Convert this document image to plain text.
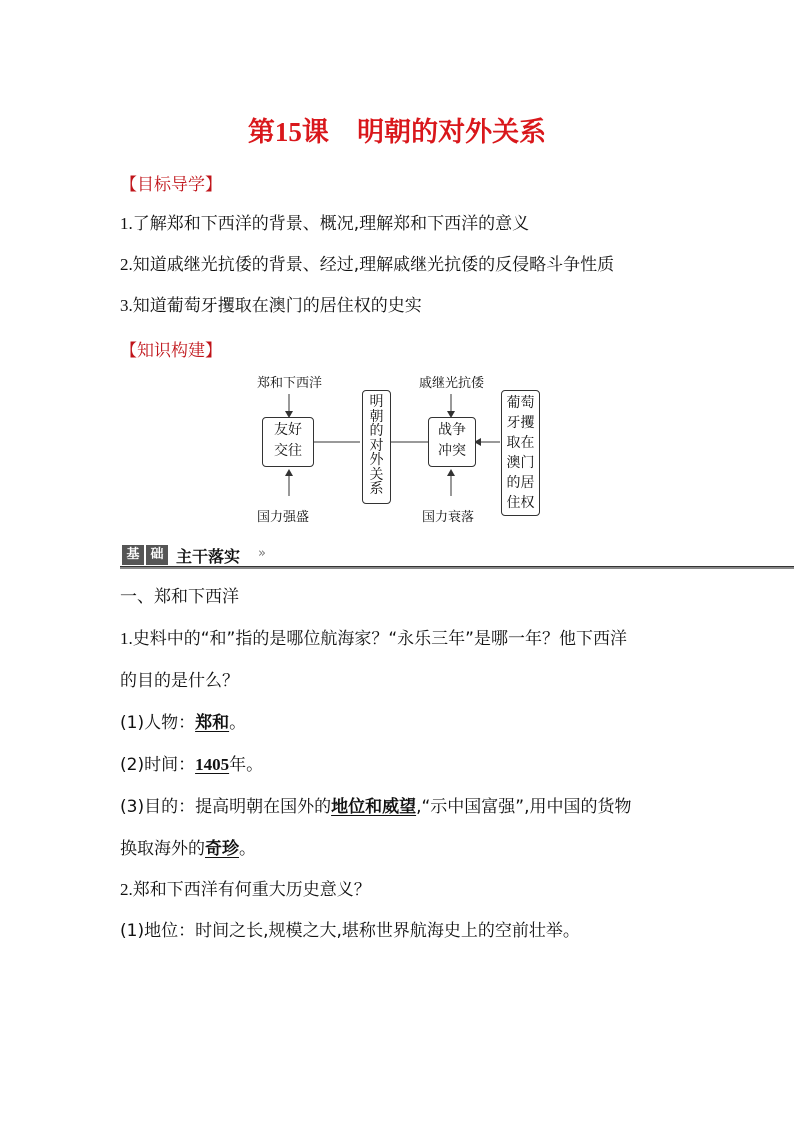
第15课 明朝的对外关系
【目标导学】
1.了解郑和下西洋的背景、概况,理解郑和下西洋的意义
2.知道戚继光抗倭的背景、经过,理解戚继光抗倭的反侵略斗争性质
3.知道葡萄牙攫取在澳门的居住权的史实
【知识构建】
郑和下西洋
友好
交往
国力强盛
明
朝
的
对
外
关
系
戚继光抗倭
战争
冲突
国力衰落
葡萄
牙攫
取在
澳门
的居
住权
基 础 主干落实 »
一、郑和下西洋
1.史料中的“和”指的是哪位航海家？“永乐三年”是哪一年？他下西洋
的目的是什么？
(1)人物：郑和。
(2)时间：1405年。
(3)目的：提高明朝在国外的地位和威望,“示中国富强”,用中国的货物
换取海外的奇珍。
2.郑和下西洋有何重大历史意义？
(1)地位：时间之长,规模之大,堪称世界航海史上的空前壮举。
